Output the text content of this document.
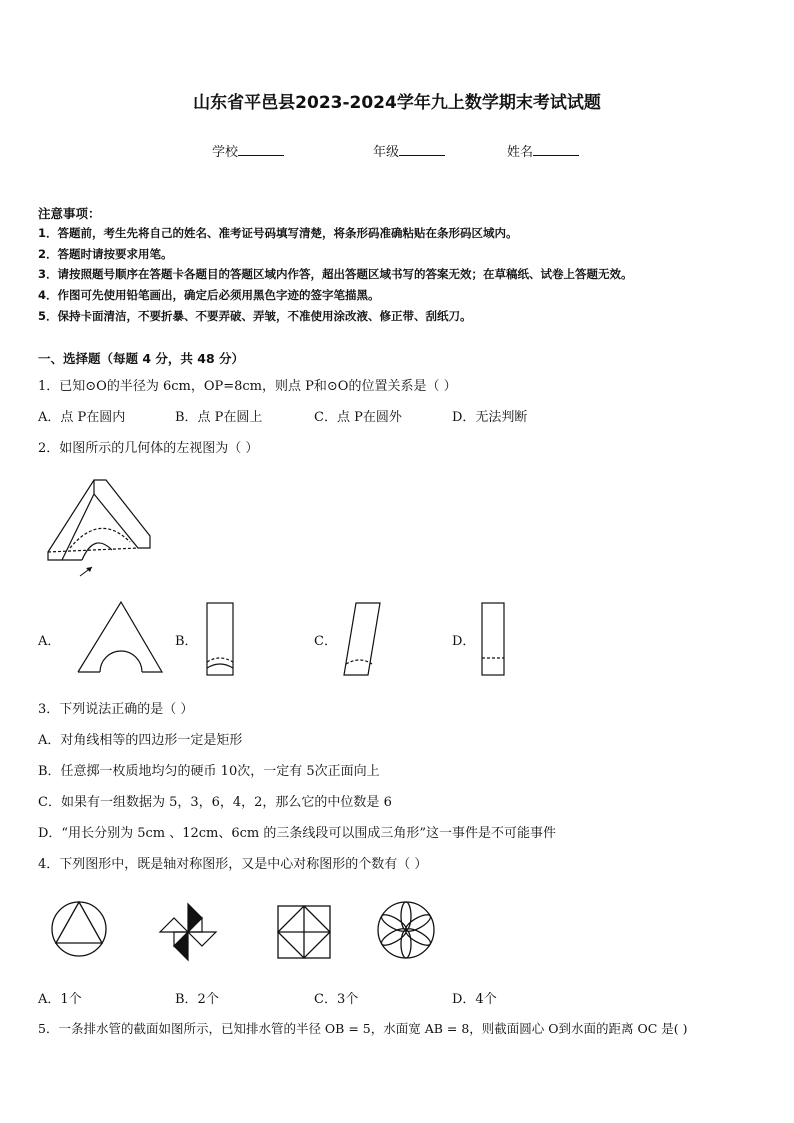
山东省平邑县2023-2024学年九上数学期末考试试题
学校	年级	姓名
注意事项：
1．答题前，考生先将自己的姓名、准考证号码填写清楚，将条形码准确粘贴在条形码区域内。
2．答题时请按要求用笔。
3．请按照题号顺序在答题卡各题目的答题区域内作答，超出答题区域书写的答案无效；在草稿纸、试卷上答题无效。
4．作图可先使用铅笔画出，确定后必须用黑色字迹的签字笔描黑。
5．保持卡面清洁，不要折暴、不要弄破、弄皱，不准使用涂改液、修正带、刮纸刀。
一、选择题（每题 4 分，共 48 分）
1．已知⊙O的半径为 6cm，OP=8cm，则点 P和⊙O的位置关系是（ ）
A．点 P在圆内	B．点 P在圆上	C．点 P在圆外	D．无法判断
2．如图所示的几何体的左视图为（ ）
A．	B．	C．	D．
3．下列说法正确的是（ ）
A．对角线相等的四边形一定是矩形
B．任意掷一枚质地均匀的硬币 10次，一定有 5次正面向上
C．如果有一组数据为 5，3，6，4，2，那么它的中位数是 6
D．“用长分别为 5cm 、12cm、6cm 的三条线段可以围成三角形”这一事件是不可能事件
4．下列图形中，既是轴对称图形，又是中心对称图形的个数有（ ）
A．1个	B．2个	C．3个	D．4个
5．一条排水管的截面如图所示，已知排水管的半径 OB = 5，水面宽 AB = 8，则截面圆心 O到水面的距离 OC 是( )
